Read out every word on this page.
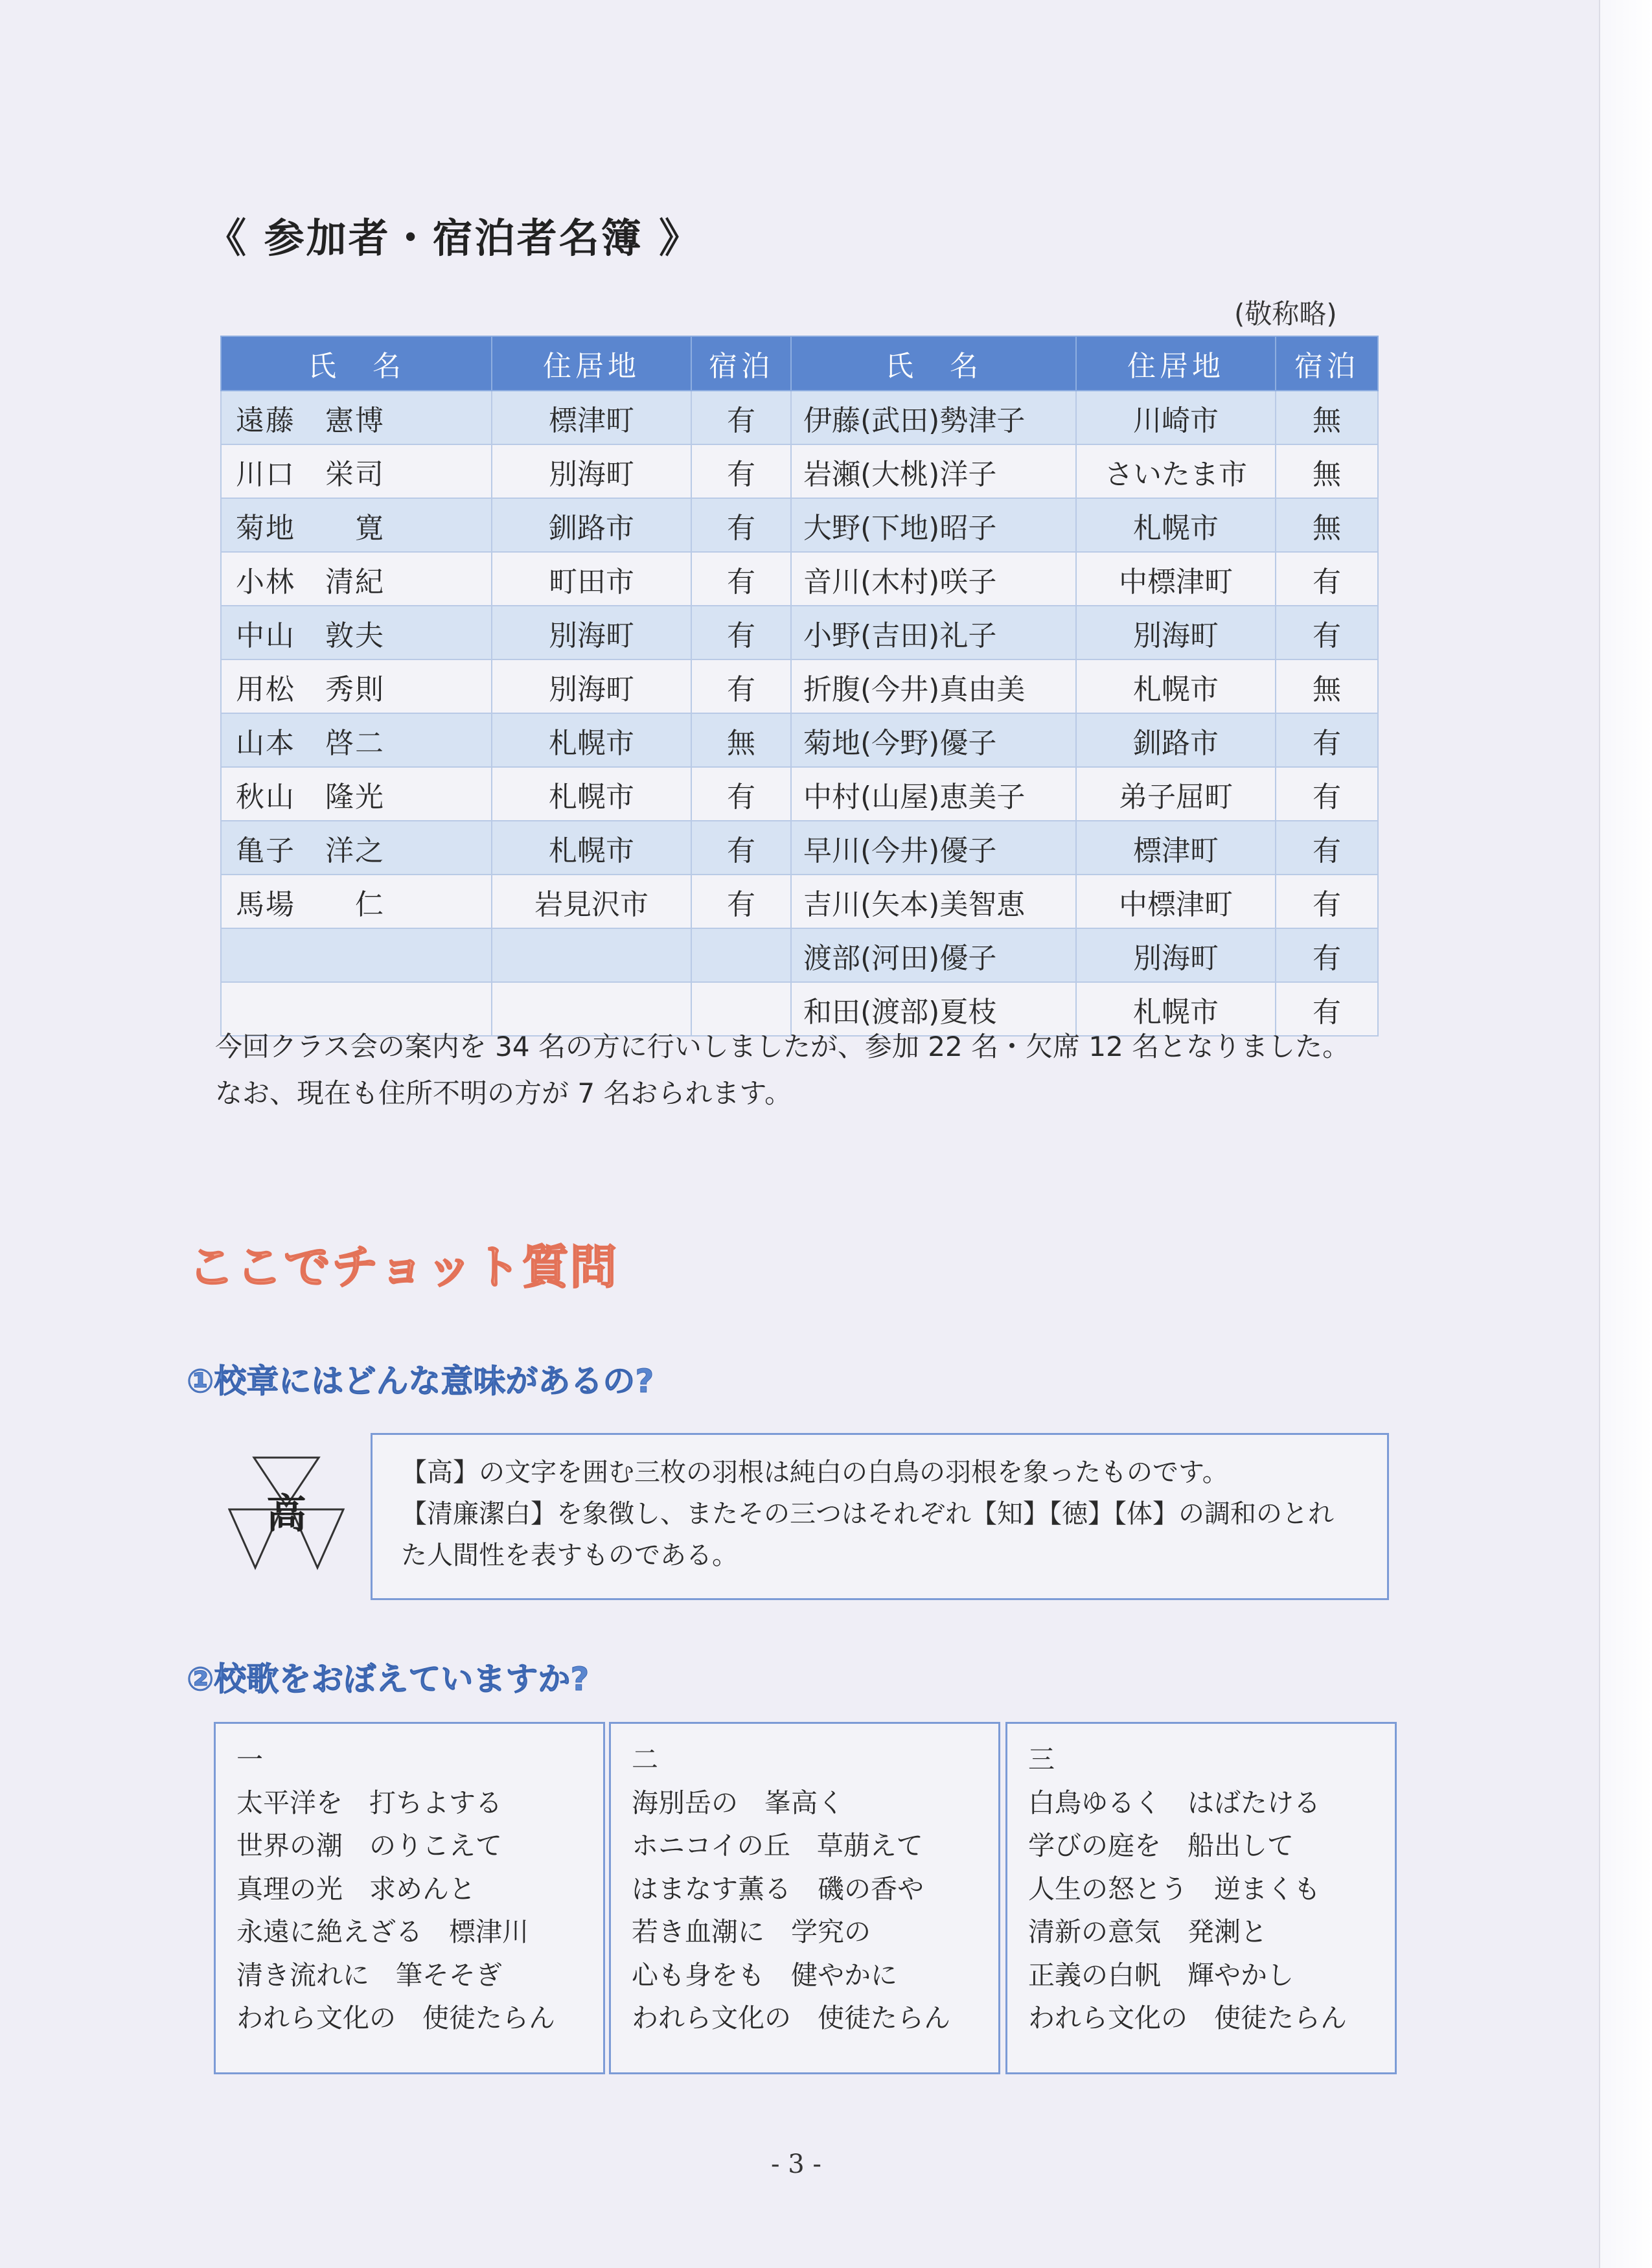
《 参加者・宿泊者名簿 》
(敬称略)
氏　名	住居地	宿泊	氏　名	住居地	宿泊
遠藤　憲博	標津町	有	伊藤(武田)勢津子	川崎市	無
川口　栄司	別海町	有	岩瀬(大桃)洋子	さいたま市	無
菊地　　寛	釧路市	有	大野(下地)昭子	札幌市	無
小林　清紀	町田市	有	音川(木村)咲子	中標津町	有
中山　敦夫	別海町	有	小野(吉田)礼子	別海町	有
用松　秀則	別海町	有	折腹(今井)真由美	札幌市	無
山本　啓二	札幌市	無	菊地(今野)優子	釧路市	有
秋山　隆光	札幌市	有	中村(山屋)恵美子	弟子屈町	有
亀子　洋之	札幌市	有	早川(今井)優子	標津町	有
馬場　　仁	岩見沢市	有	吉川(矢本)美智恵	中標津町	有
			渡部(河田)優子	別海町	有
			和田(渡部)夏枝	札幌市	有

今回クラス会の案内を 34 名の方に行いしましたが、参加 22 名・欠席 12 名となりました。

なお、現在も住所不明の方が 7 名おられます。

ここでチョット質問
①校章にはどんな意味があるの?
高

【高】の文字を囲む三枚の羽根は純白の白鳥の羽根を象ったものです。

【清廉潔白】を象徴し、またその三つはそれぞれ【知】【徳】【体】の調和のとれ

た人間性を表すものである。

②校歌をおぼえていますか?

一

太平洋を　打ちよする

世界の潮　のりこえて

真理の光　求めんと

永遠に絶えざる　標津川

清き流れに　筆そそぎ

われら文化の　使徒たらん

二

海別岳の　峯高く

ホニコイの丘　草萠えて

はまなす薫る　磯の香や

若き血潮に　学究の

心も身をも　健やかに

われら文化の　使徒たらん

三

白鳥ゆるく　はばたける

学びの庭を　船出して

人生の怒とう　逆まくも

清新の意気　発溂と

正義の白帆　輝やかし

われら文化の　使徒たらん

- 3 -
